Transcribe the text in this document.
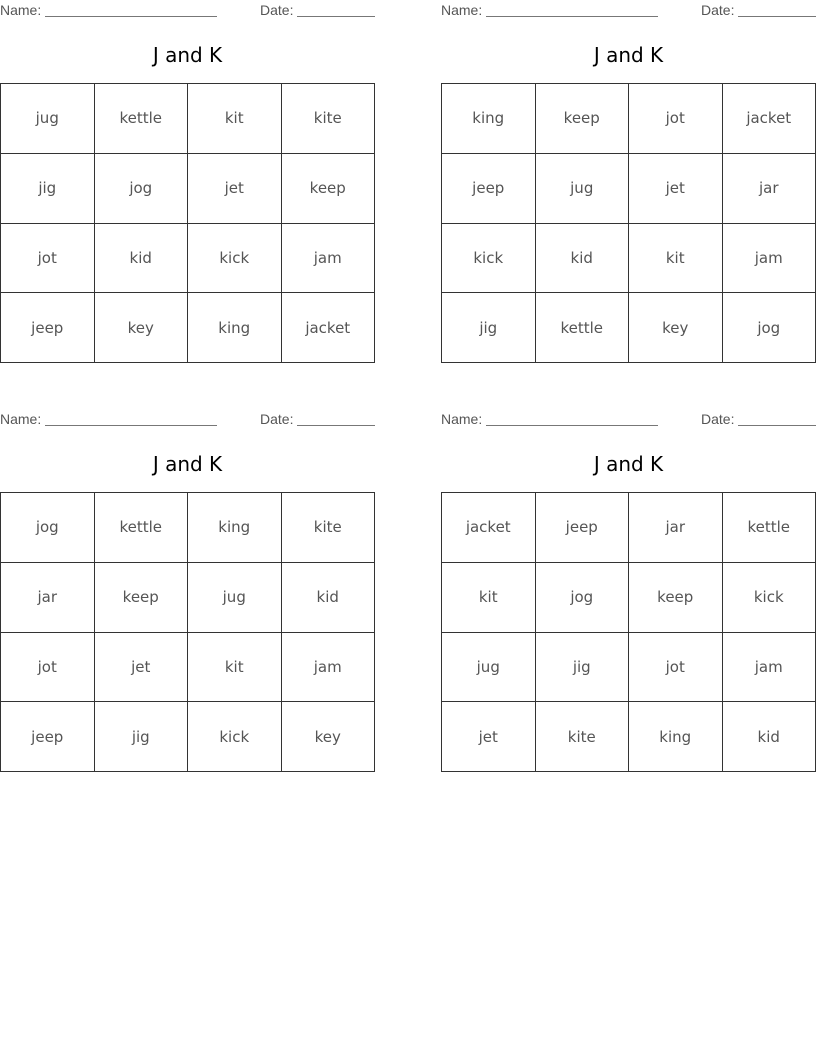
Name:	Date:
J and K
jug	kettle	kit	kite
jig	jog	jet	keep
jot	kid	kick	jam
jeep	key	king	jacket
Name:	Date:
J and K
king	keep	jot	jacket
jeep	jug	jet	jar
kick	kid	kit	jam
jig	kettle	key	jog
Name:	Date:
J and K
jog	kettle	king	kite
jar	keep	jug	kid
jot	jet	kit	jam
jeep	jig	kick	key
Name:	Date:
J and K
jacket	jeep	jar	kettle
kit	jog	keep	kick
jug	jig	jot	jam
jet	kite	king	kid
